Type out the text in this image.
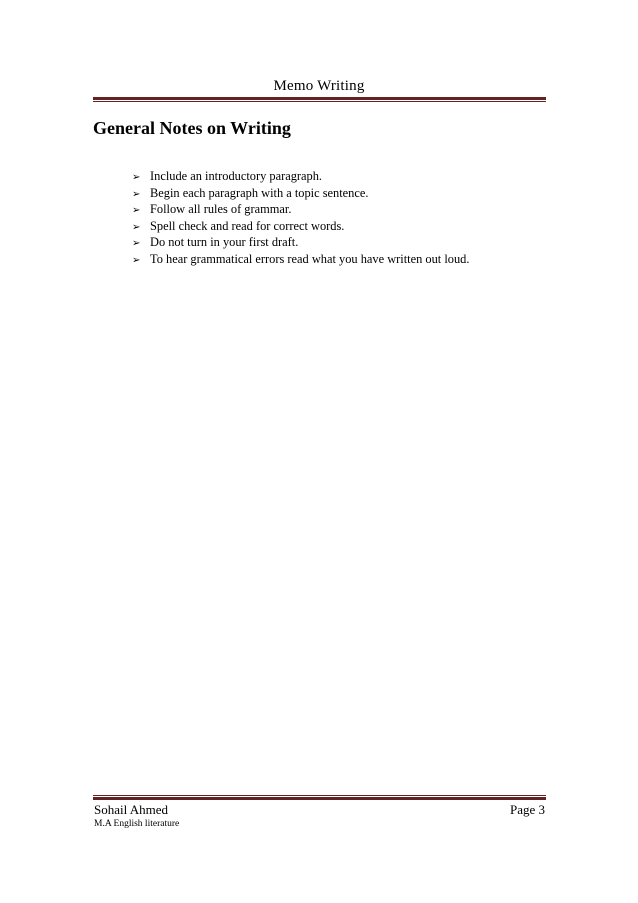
Memo Writing
General Notes on Writing
➢ Include an introductory paragraph.
➢ Begin each paragraph with a topic sentence.
➢ Follow all rules of grammar.
➢ Spell check and read for correct words.
➢ Do not turn in your first draft.
➢ To hear grammatical errors read what you have written out loud.
Sohail Ahmed	Page 3
M.A English literature
